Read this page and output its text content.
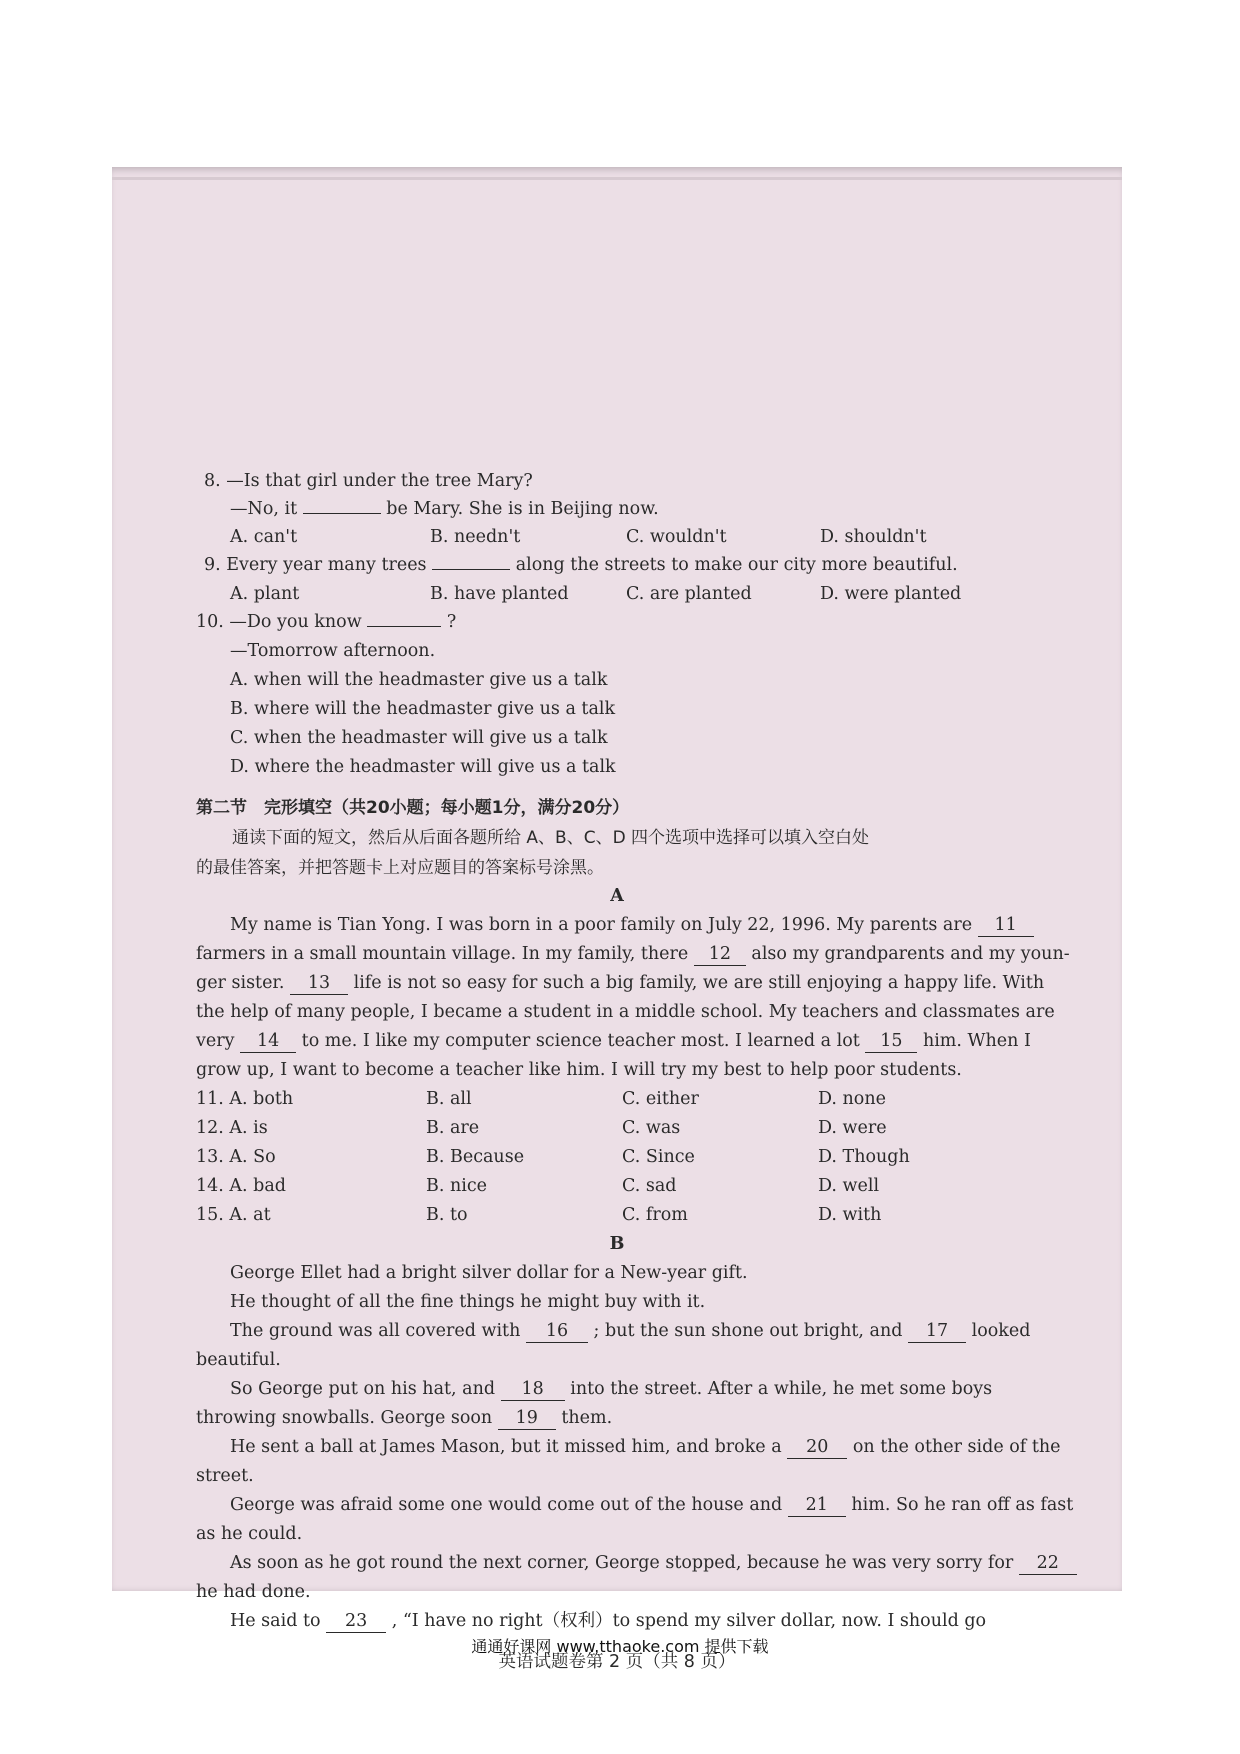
8. —Is that girl under the tree Mary?
—No, it	be Mary. She is in Beijing now.
A. can't	B. needn't	C. wouldn't	D. shouldn't
9. Every year many trees	along the streets to make our city more beautiful.
A. plant	B. have planted	C. are planted	D. were planted
10. —Do you know	?
—Tomorrow afternoon.
A. when will the headmaster give us a talk
B. where will the headmaster give us a talk
C. when the headmaster will give us a talk
D. where the headmaster will give us a talk
第二节　完形填空（共20小题；每小题1分，满分20分）
通读下面的短文，然后从后面各题所给 A、B、C、D 四个选项中选择可以填入空白处
的最佳答案，并把答题卡上对应题目的答案标号涂黑。
A
My name is Tian Yong. I was born in a poor family on July 22, 1996. My parents are 11
farmers in a small mountain village. In my family, there 12 also my grandparents and my youn-
ger sister. 13 life is not so easy for such a big family, we are still enjoying a happy life. With
the help of many people, I became a student in a middle school. My teachers and classmates are
very 14 to me. I like my computer science teacher most. I learned a lot 15 him. When I
grow up, I want to become a teacher like him. I will try my best to help poor students.
11. A. both	B. all	C. either	D. none
12. A. is	B. are	C. was	D. were
13. A. So	B. Because	C. Since	D. Though
14. A. bad	B. nice	C. sad	D. well
15. A. at	B. to	C. from	D. with
B
George Ellet had a bright silver dollar for a New-year gift.
He thought of all the fine things he might buy with it.
The ground was all covered with 16 ; but the sun shone out bright, and 17 looked
beautiful.
So George put on his hat, and 18 into the street. After a while, he met some boys
throwing snowballs. George soon 19 them.
He sent a ball at James Mason, but it missed him, and broke a 20 on the other side of the
street.
George was afraid some one would come out of the house and 21 him. So he ran off as fast
as he could.
As soon as he got round the next corner, George stopped, because he was very sorry for 22
he had done.
He said to 23 , “I have no right（权利）to spend my silver dollar, now. I should go
英语试题卷第 2 页（共 8 页）
通通好课网 www.tthaoke.com 提供下载
